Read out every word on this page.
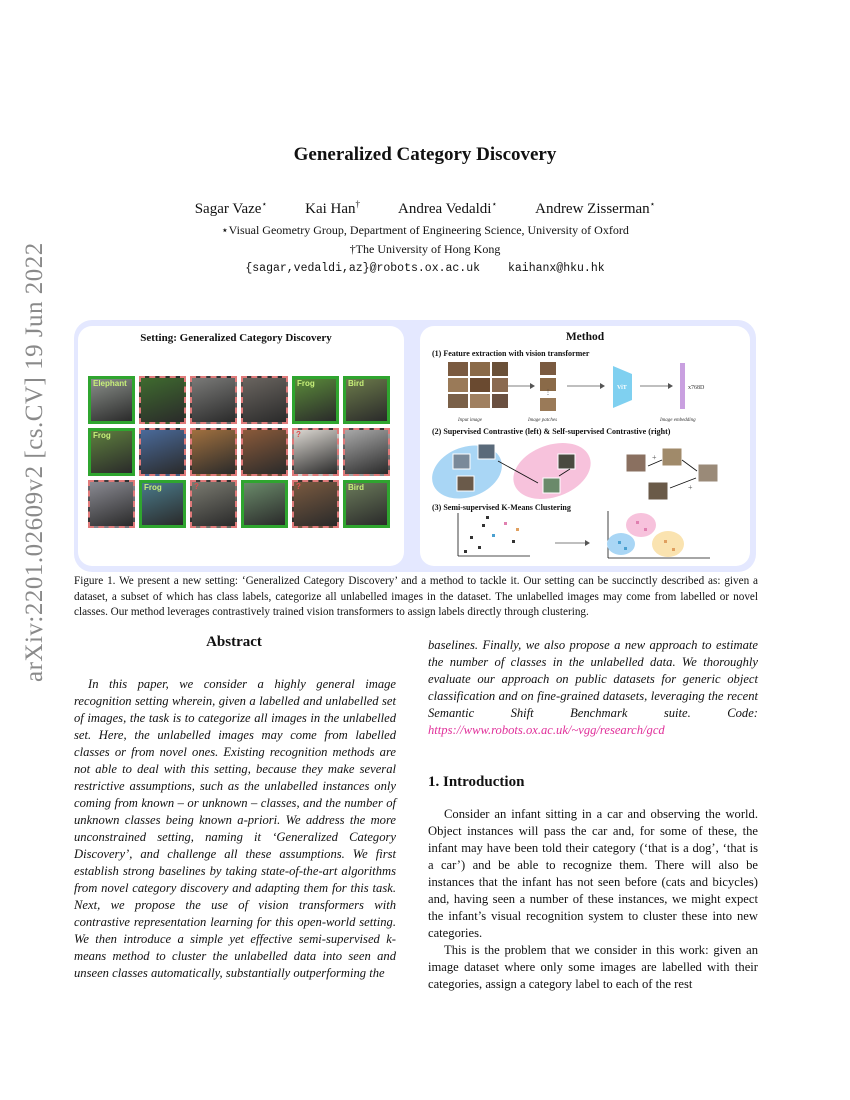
arXiv:2201.02609v2 [cs.CV] 19 Jun 2022
Generalized Category Discovery
Sagar Vaze⋆	Kai Han†	Andrea Vedaldi⋆	Andrew Zisserman⋆
⋆Visual Geometry Group, Department of Engineering Science, University of Oxford
†The University of Hong Kong
{sagar,vedaldi,az}@robots.ox.ac.uk kaihanx@hku.hk
Setting: Generalized Category Discovery	Method
Elephant	Frog	Bird
Frog	?
Frog	?	?	Bird
(1) Feature extraction with vision transformer
(2) Supervised Contrastive (left) & Self-supervised Contrastive (right)
(3) Semi-supervised K-Means Clustering
⋮
ViT	x768D
Input image	Image patches	Image embedding
+
+
Figure 1. We present a new setting: ‘Generalized Category Discovery’ and a method to tackle it. Our setting can be succinctly described as: given a dataset, a subset of which has class labels, categorize all unlabelled images in the dataset. The unlabelled images may come from labelled or novel classes. Our method leverages contrastively trained vision transformers to assign labels directly through clustering.
Abstract
In this paper, we consider a highly general image recognition setting wherein, given a labelled and unlabelled set of images, the task is to categorize all images in the unlabelled set. Here, the unlabelled images may come from labelled classes or from novel ones. Existing recognition methods are not able to deal with this setting, because they make several restrictive assumptions, such as the unlabelled instances only coming from known – or unknown – classes, and the number of unknown classes being known a-priori. We address the more unconstrained setting, naming it ‘Generalized Category Discovery’, and challenge all these assumptions. We first establish strong baselines by taking state-of-the-art algorithms from novel category discovery and adapting them for this task. Next, we propose the use of vision transformers with contrastive representation learning for this open-world setting. We then introduce a simple yet effective semi-supervised k-means method to cluster the unlabelled data into seen and unseen classes automatically, substantially outperforming the
baselines. Finally, we also propose a new approach to estimate the number of classes in the unlabelled data. We thoroughly evaluate our approach on public datasets for generic object classification and on fine-grained datasets, leveraging the recent Semantic Shift Benchmark suite. Code: https://www.robots.ox.ac.uk/~vgg/research/gcd
1. Introduction

Consider an infant sitting in a car and observing the world. Object instances will pass the car and, for some of these, the infant may have been told their category (‘that is a dog’, ‘that is a car’) and be able to recognize them. There will also be instances that the infant has not seen before (cats and bicycles) and, having seen a number of these instances, we might expect the infant’s visual recognition system to cluster these into new categories.

This is the problem that we consider in this work: given an image dataset where only some images are labelled with their categories, assign a category label to each of the rest
